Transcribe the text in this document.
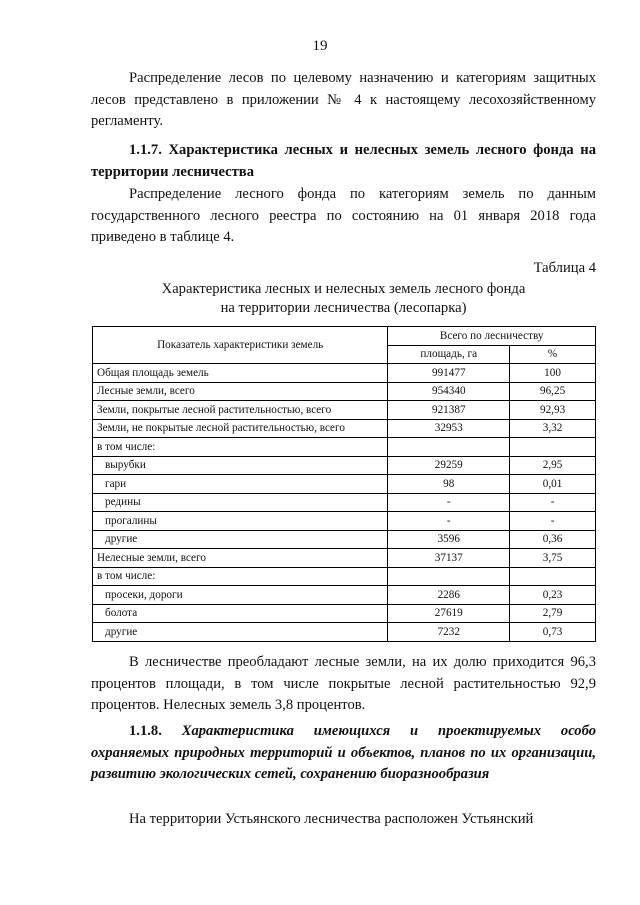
19

Распределение лесов по целевому назначению и категориям защитных лесов представлено в приложении № 4 к настоящему лесохозяйственному регламенту.

1.1.7. Характеристика лесных и нелесных земель лесного фонда на территории лесничества

Распределение лесного фонда по категориям земель по данным государственного лесного реестра по состоянию на 01 января 2018 года приведено в таблице 4.

Таблица 4
Характеристика лесных и нелесных земель лесного фонда
на территории лесничества (лесопарка)
Показатель характеристики земель	Всего по лесничеству	
	площадь, га	%
Общая площадь земель	991477	100
Лесные земли, всего	954340	96,25
Земли, покрытые лесной растительностью, всего	921387	92,93
Земли, не покрытые лесной растительностью, всего	32953	3,32
в том числе:		
вырубки	29259	2,95
гари	98	0,01
редины	-	-
прогалины	-	-
другие	3596	0,36
Нелесные земли, всего	37137	3,75
в том числе:		
просеки, дороги	2286	0,23
болота	27619	2,79
другие	7232	0,73

В лесничестве преобладают лесные земли, на их долю приходится 96,3 процентов площади, в том числе покрытые лесной растительностью 92,9 процентов. Нелесных земель 3,8 процентов.

1.1.8. Характеристика имеющихся и проектируемых особо охраняемых природных территорий и объектов, планов по их организации, развитию экологических сетей, сохранению биоразнообразия

На территории Устьянского лесничества расположен Устьянский
